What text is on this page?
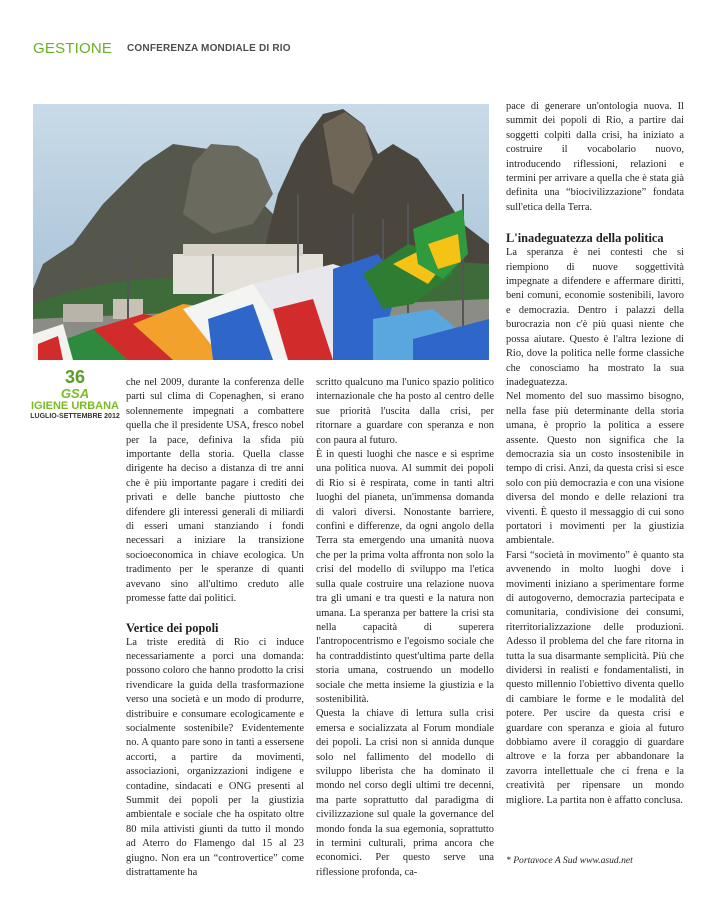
GESTIONE CONFERENZA MONDIALE DI RIO
36
GSA
IGIENE URBANA
LUGLIO-SETTEMBRE 2012

che nel 2009, durante la conferenza delle parti sul clima di Copenaghen, si erano solennemente impegnati a combattere quella che il presidente USA, fresco nobel per la pace, definiva la sfida più importante della storia. Quella classe dirigente ha deciso a distanza di tre anni che è più importante pagare i crediti dei privati e delle banche piuttosto che difendere gli interessi generali di miliardi di esseri umani stanziando i fondi necessari a iniziare la transizione socioeconomica in chiave ecologica. Un tradimento per le speranze di quanti avevano sino all'ultimo creduto alle promesse fatte dai politici.

Vertice dei popoli

La triste eredità di Rio ci induce necessariamente a porci una domanda: possono coloro che hanno prodotto la crisi rivendicare la guida della trasformazione verso una società e un modo di produrre, distribuire e consumare ecologicamente e socialmente sostenibile? Evidentemente no. A quanto pare sono in tanti a essersene accorti, a partire da movimenti, associazioni, organizzazioni indigene e contadine, sindacati e ONG presenti al Summit dei popoli per la giustizia ambientale e sociale che ha ospitato oltre 80 mila attivisti giunti da tutto il mondo ad Aterro do Flamengo dal 15 al 23 giugno. Non era un “controvertice” come distrattamente ha

scritto qualcuno ma l'unico spazio politico internazionale che ha posto al centro delle sue priorità l'uscita dalla crisi, per ritornare a guardare con speranza e non con paura al futuro.

È in questi luoghi che nasce e si esprime una politica nuova. Al summit dei popoli di Rio si è respirata, come in tanti altri luoghi del pianeta, un'immensa domanda di valori diversi. Nonostante barriere, confini e differenze, da ogni angolo della Terra sta emergendo una umanità nuova che per la prima volta affronta non solo la crisi del modello di sviluppo ma l'etica sulla quale costruire una relazione nuova tra gli umani e tra questi e la natura non umana. La speranza per battere la crisi sta nella capacità di superera l'antropocentrismo e l'egoismo sociale che ha contraddistinto quest'ultima parte della storia umana, costruendo un modello sociale che metta insieme la giustizia e la sostenibilità.

Questa la chiave di lettura sulla crisi emersa e socializzata al Forum mondiale dei popoli. La crisi non si annida dunque solo nel fallimento del modello di sviluppo liberista che ha dominato il mondo nel corso degli ultimi tre decenni, ma parte soprattutto dal paradigma di civilizzazione sul quale la governance del mondo fonda la sua egemonia, soprattutto in termini culturali, prima ancora che economici. Per questo serve una riflessione profonda, ca-

pace di generare un'ontologia nuova. Il summit dei popoli di Rio, a partire dai soggetti colpiti dalla crisi, ha iniziato a costruire il vocabolario nuovo, introducendo riflessioni, relazioni e termini per arrivare a quella che è stata già definita una “biocivilizzazione” fondata sull'etica della Terra.

L'inadeguatezza della politica

La speranza è nei contesti che si riempiono di nuove soggettività impegnate a difendere e affermare diritti, beni comuni, economie sostenibili, lavoro e democrazia. Dentro i palazzi della burocrazia non c'è più quasi niente che possa aiutare. Questo è l'altra lezione di Rio, dove la politica nelle forme classiche che conosciamo ha mostrato la sua inadeguatezza.

Nel momento del suo massimo bisogno, nella fase più determinante della storia umana, è proprio la politica a essere assente. Questo non significa che la democrazia sia un costo insostenibile in tempo di crisi. Anzi, da questa crisi si esce solo con più democrazia e con una visione diversa del mondo e delle relazioni tra viventi. È questo il messaggio di cui sono portatori i movimenti per la giustizia ambientale.

Farsi “società in movimento” è quanto sta avvenendo in molto luoghi dove i movimenti iniziano a sperimentare forme di autogoverno, democrazia partecipata e comunitaria, condivisione dei consumi, riterritorializzazione delle produzioni. Adesso il problema del che fare ritorna in tutta la sua disarmante semplicità. Più che dividersi in realisti e fondamentalisti, in questo millennio l'obiettivo diventa quello di cambiare le forme e le modalità del potere. Per uscire da questa crisi e guardare con speranza e gioia al futuro dobbiamo avere il coraggio di guardare altrove e la forza per abbandonare la zavorra intellettuale che ci frena e la creatività per ripensare un mondo migliore. La partita non è affatto conclusa.

* Portavoce A Sud www.asud.net
